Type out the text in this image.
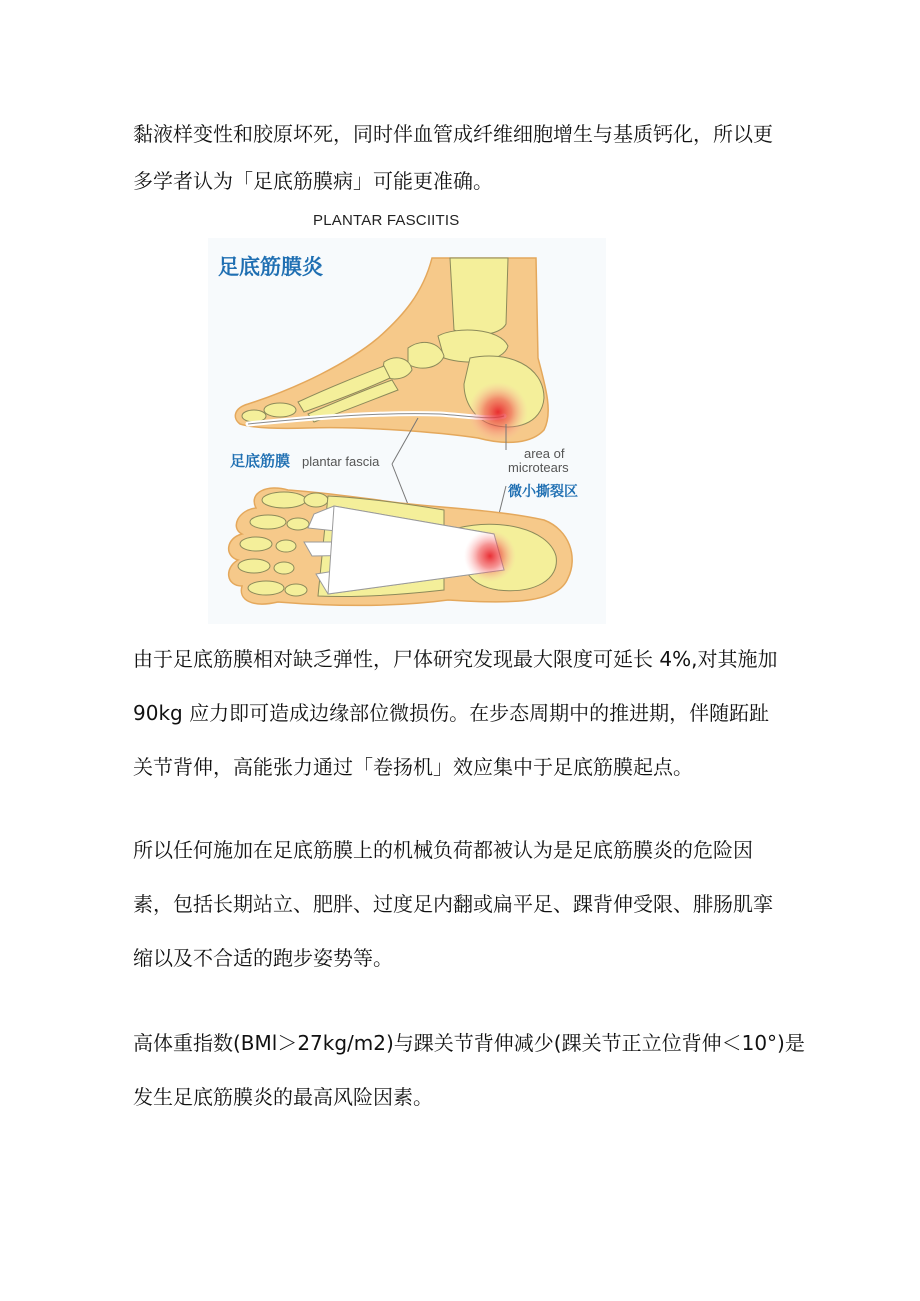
黏液样变性和胶原坏死，同时伴血管成纤维细胞增生与基质钙化，所以更
多学者认为「足底筋膜病」可能更准确。

PLANTAR FASCIITIS
足底筋膜炎
足底筋膜 plantar fascia
area of
microtears
微小撕裂区

由于足底筋膜相对缺乏弹性，尸体研究发现最大限度可延长 4%,对其施加
90kg 应力即可造成边缘部位微损伤。在步态周期中的推进期，伴随跖趾
关节背伸，高能张力通过「卷扬机」效应集中于足底筋膜起点。

所以任何施加在足底筋膜上的机械负荷都被认为是足底筋膜炎的危险因
素，包括长期站立、肥胖、过度足内翻或扁平足、踝背伸受限、腓肠肌挛
缩以及不合适的跑步姿势等。

高体重指数(BMl＞27kg/m2)与踝关节背伸减少(踝关节正立位背伸＜10°)是
发生足底筋膜炎的最高风险因素。
